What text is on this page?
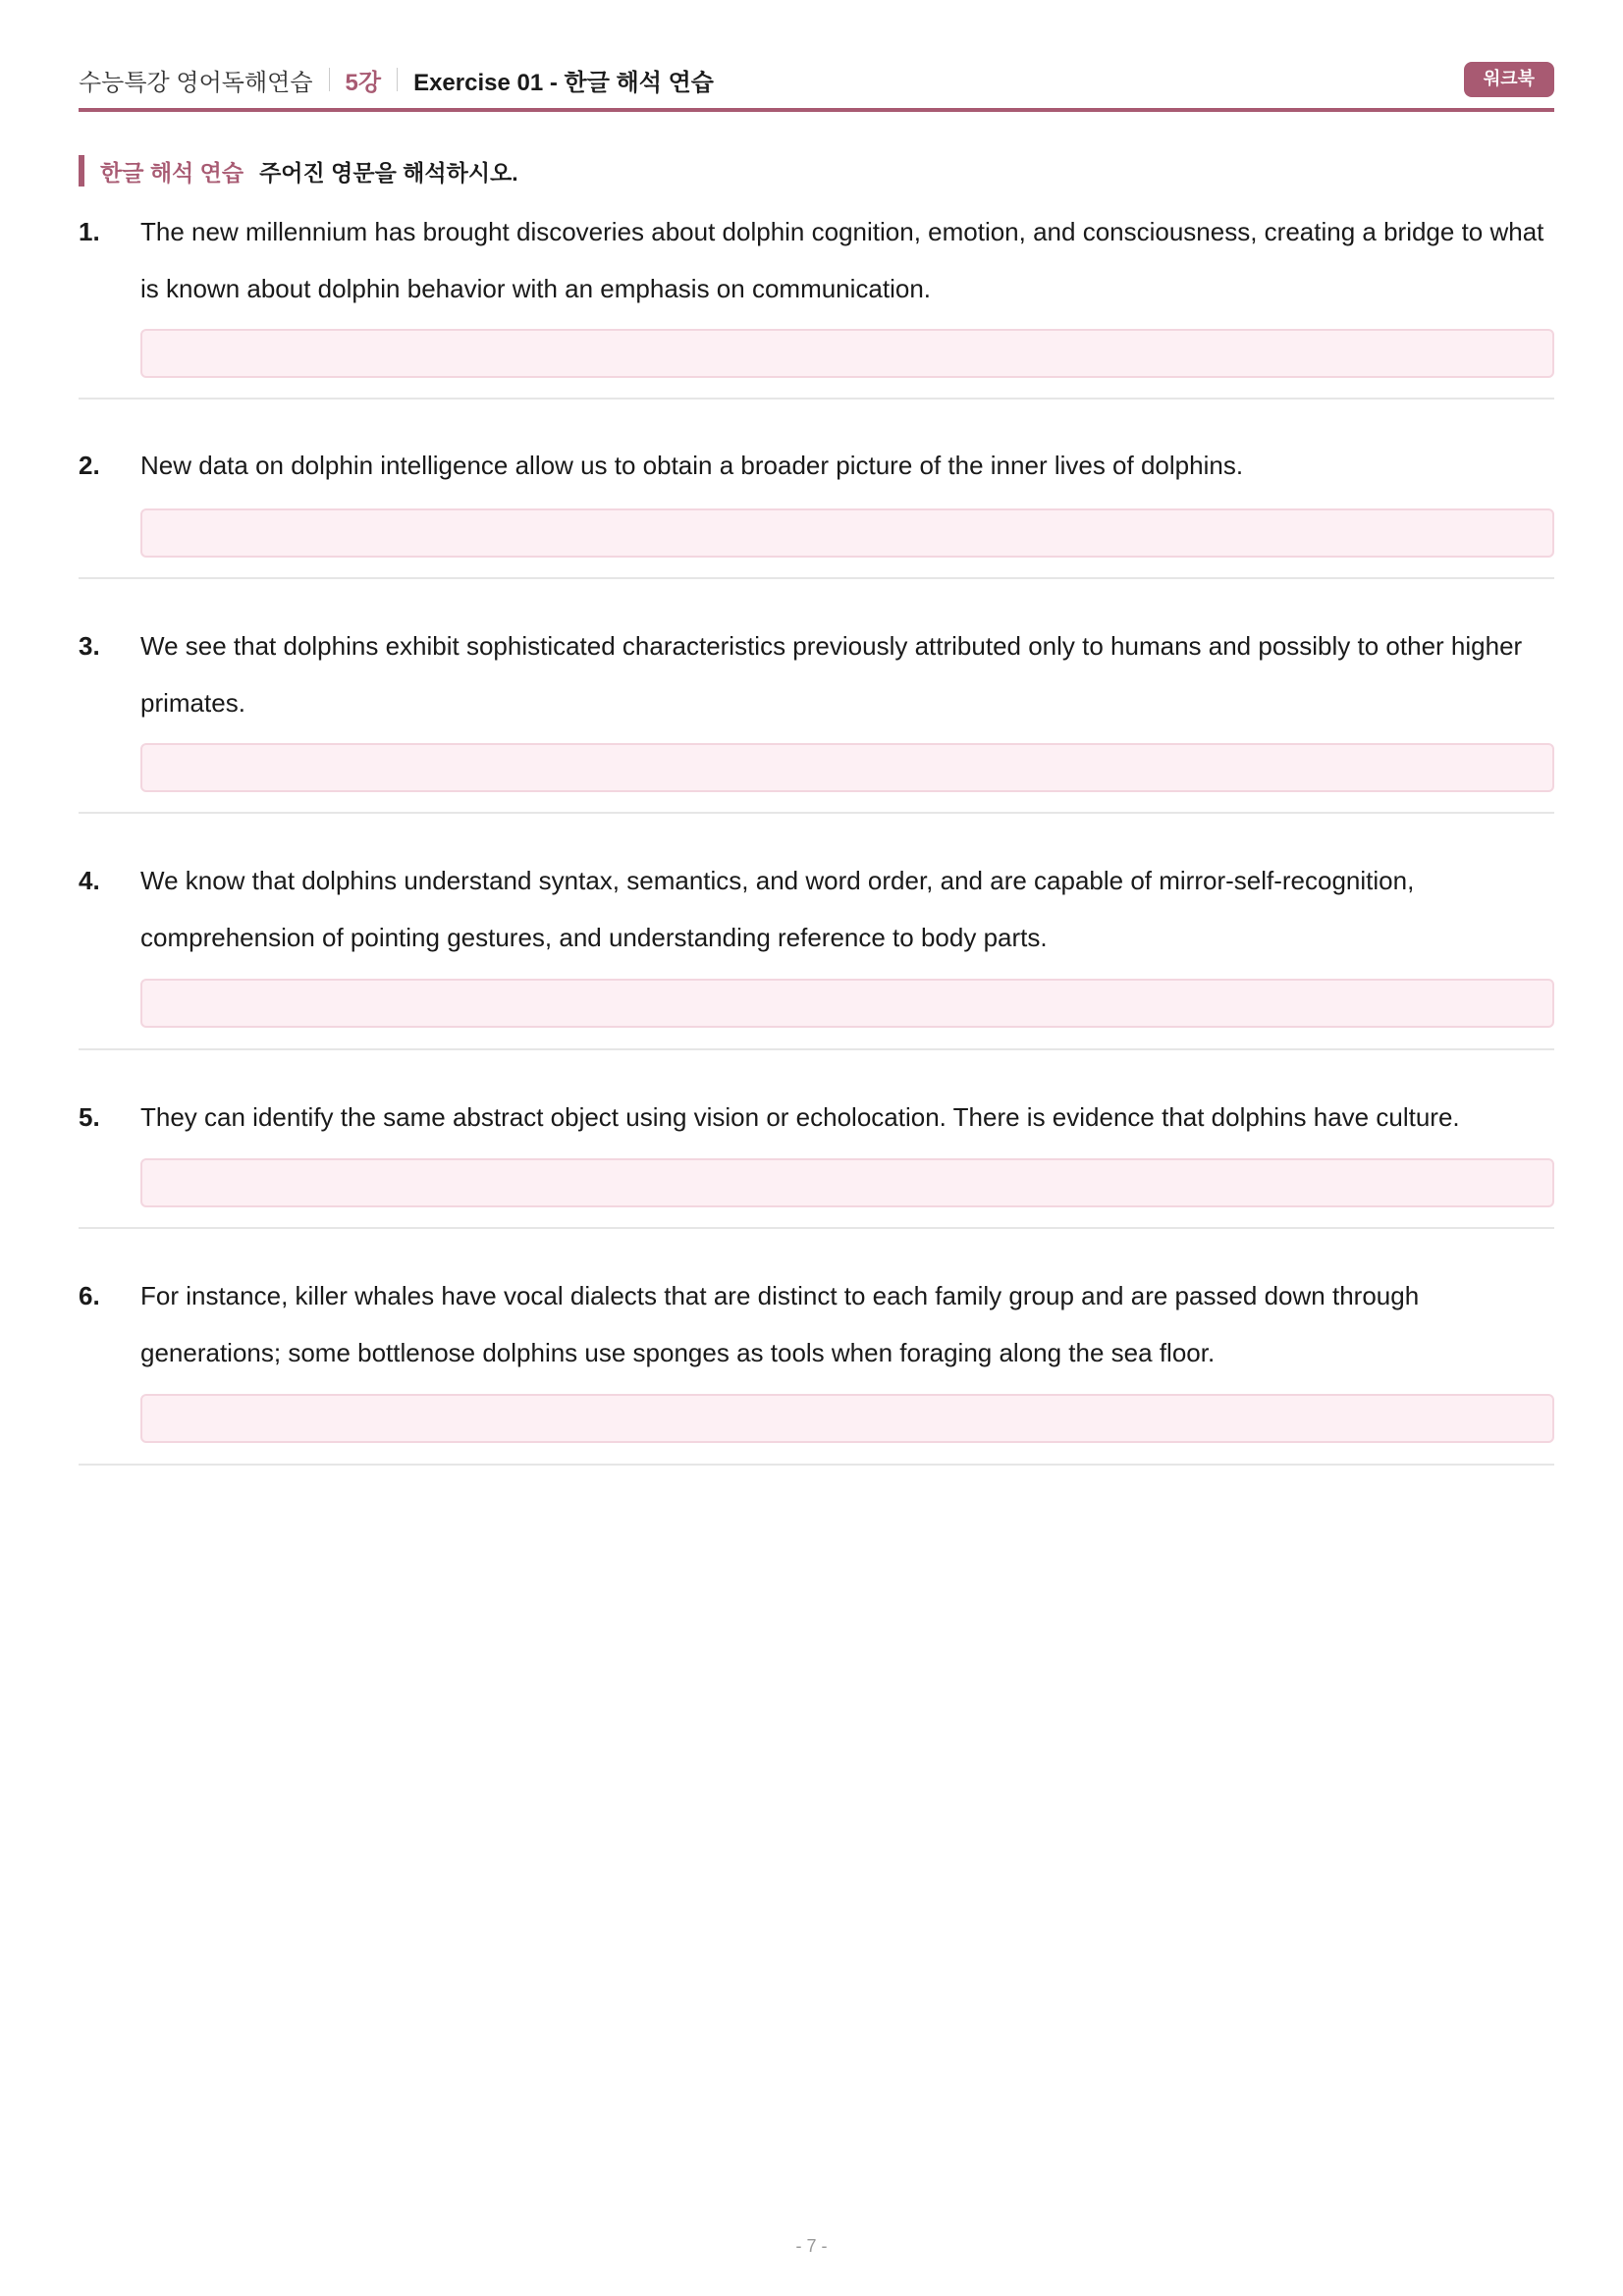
수능특강 영어독해연습 5강 Exercise 01 - 한글 해석 연습	워크북
한글 해석 연습 주어진 영문을 해석하시오.
1. The new millennium has brought discoveries about dolphin cognition, emotion, and consciousness, creating a bridge to what is known about dolphin behavior with an emphasis on communication.
2. New data on dolphin intelligence allow us to obtain a broader picture of the inner lives of dolphins.
3. We see that dolphins exhibit sophisticated characteristics previously attributed only to humans and possibly to other higher primates.
4. We know that dolphins understand syntax, semantics, and word order, and are capable of mirror-self-recognition, comprehension of pointing gestures, and understanding reference to body parts.
5. They can identify the same abstract object using vision or echolocation. There is evidence that dolphins have culture.
6. For instance, killer whales have vocal dialects that are distinct to each family group and are passed down through generations; some bottlenose dolphins use sponges as tools when foraging along the sea floor.
- 7 -
